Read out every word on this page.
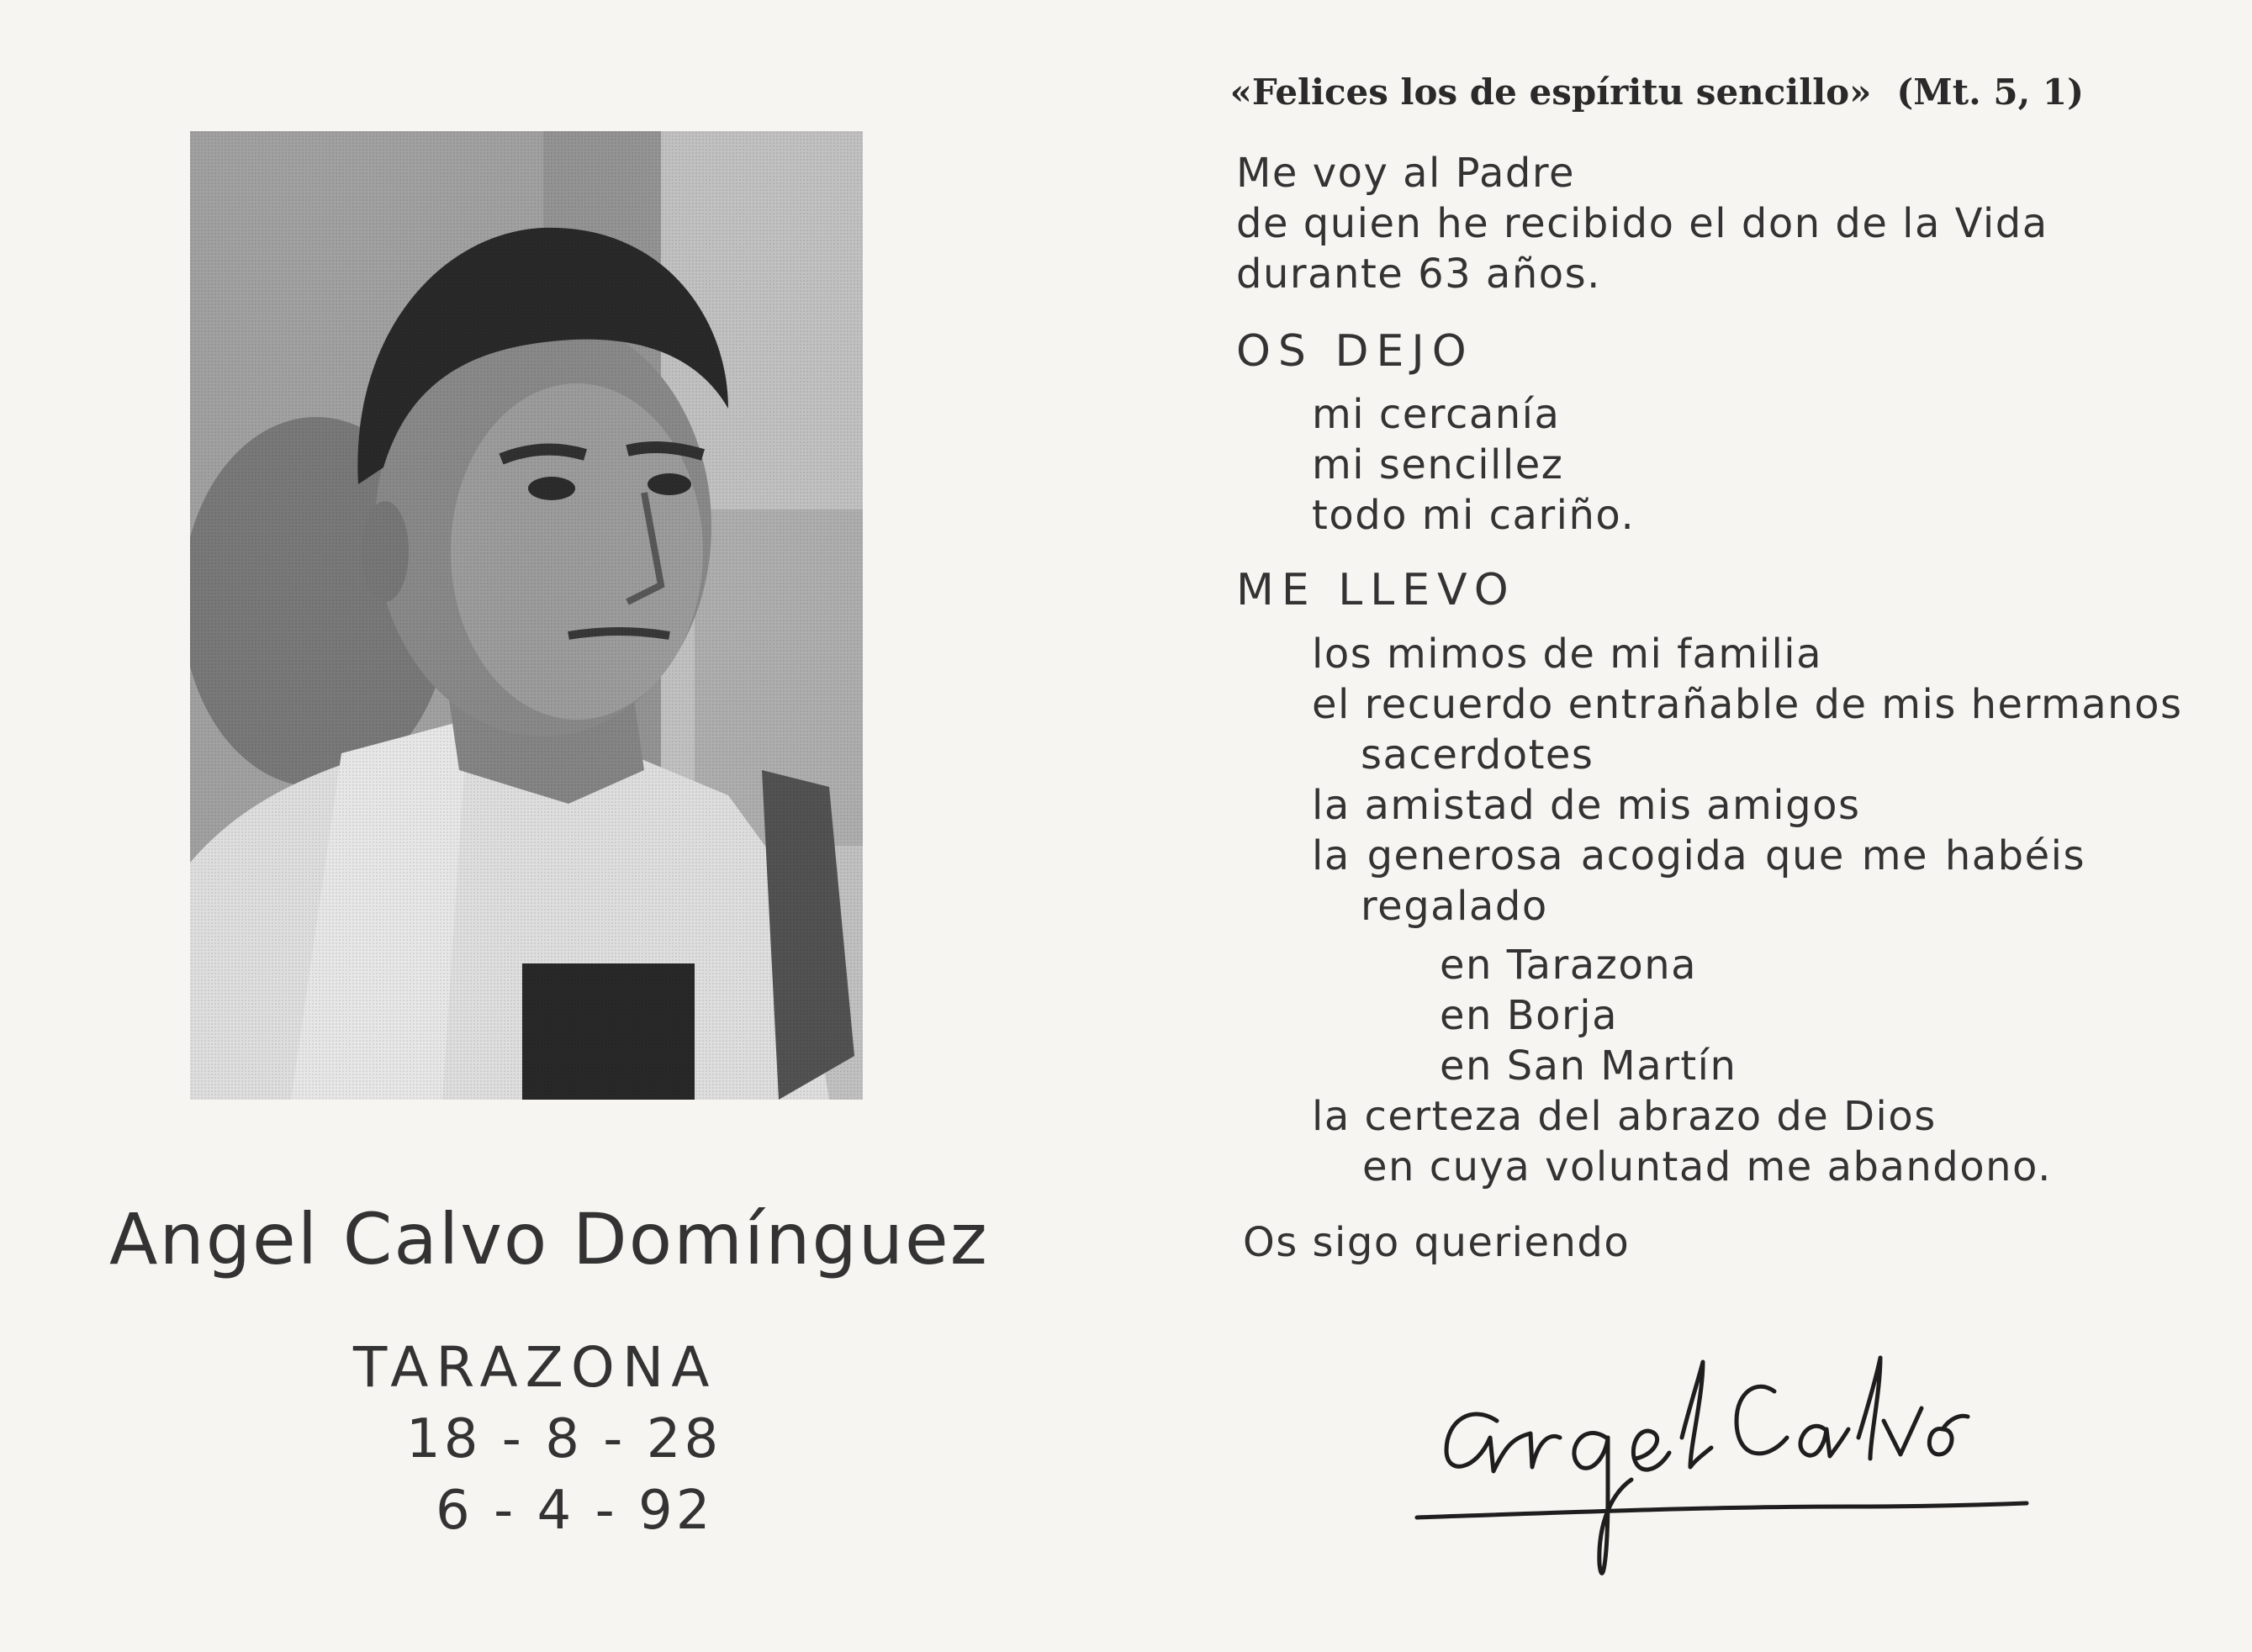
Angel Calvo Domínguez
TARAZONA
18 - 8 - 28
6 - 4 - 92
«Felices los de espíritu sencillo» (Mt. 5, 1)
Me voy al Padre
de quien he recibido el don de la Vida
durante 63 años.
OS DEJO
mi cercanía
mi sencillez
todo mi cariño.
ME LLEVO
los mimos de mi familia
el recuerdo entrañable de mis hermanos
sacerdotes
la amistad de mis amigos
la generosa acogida que me habéis
regalado
en Tarazona
en Borja
en San Martín
la certeza del abrazo de Dios
en cuya voluntad me abandono.
Os sigo queriendo
